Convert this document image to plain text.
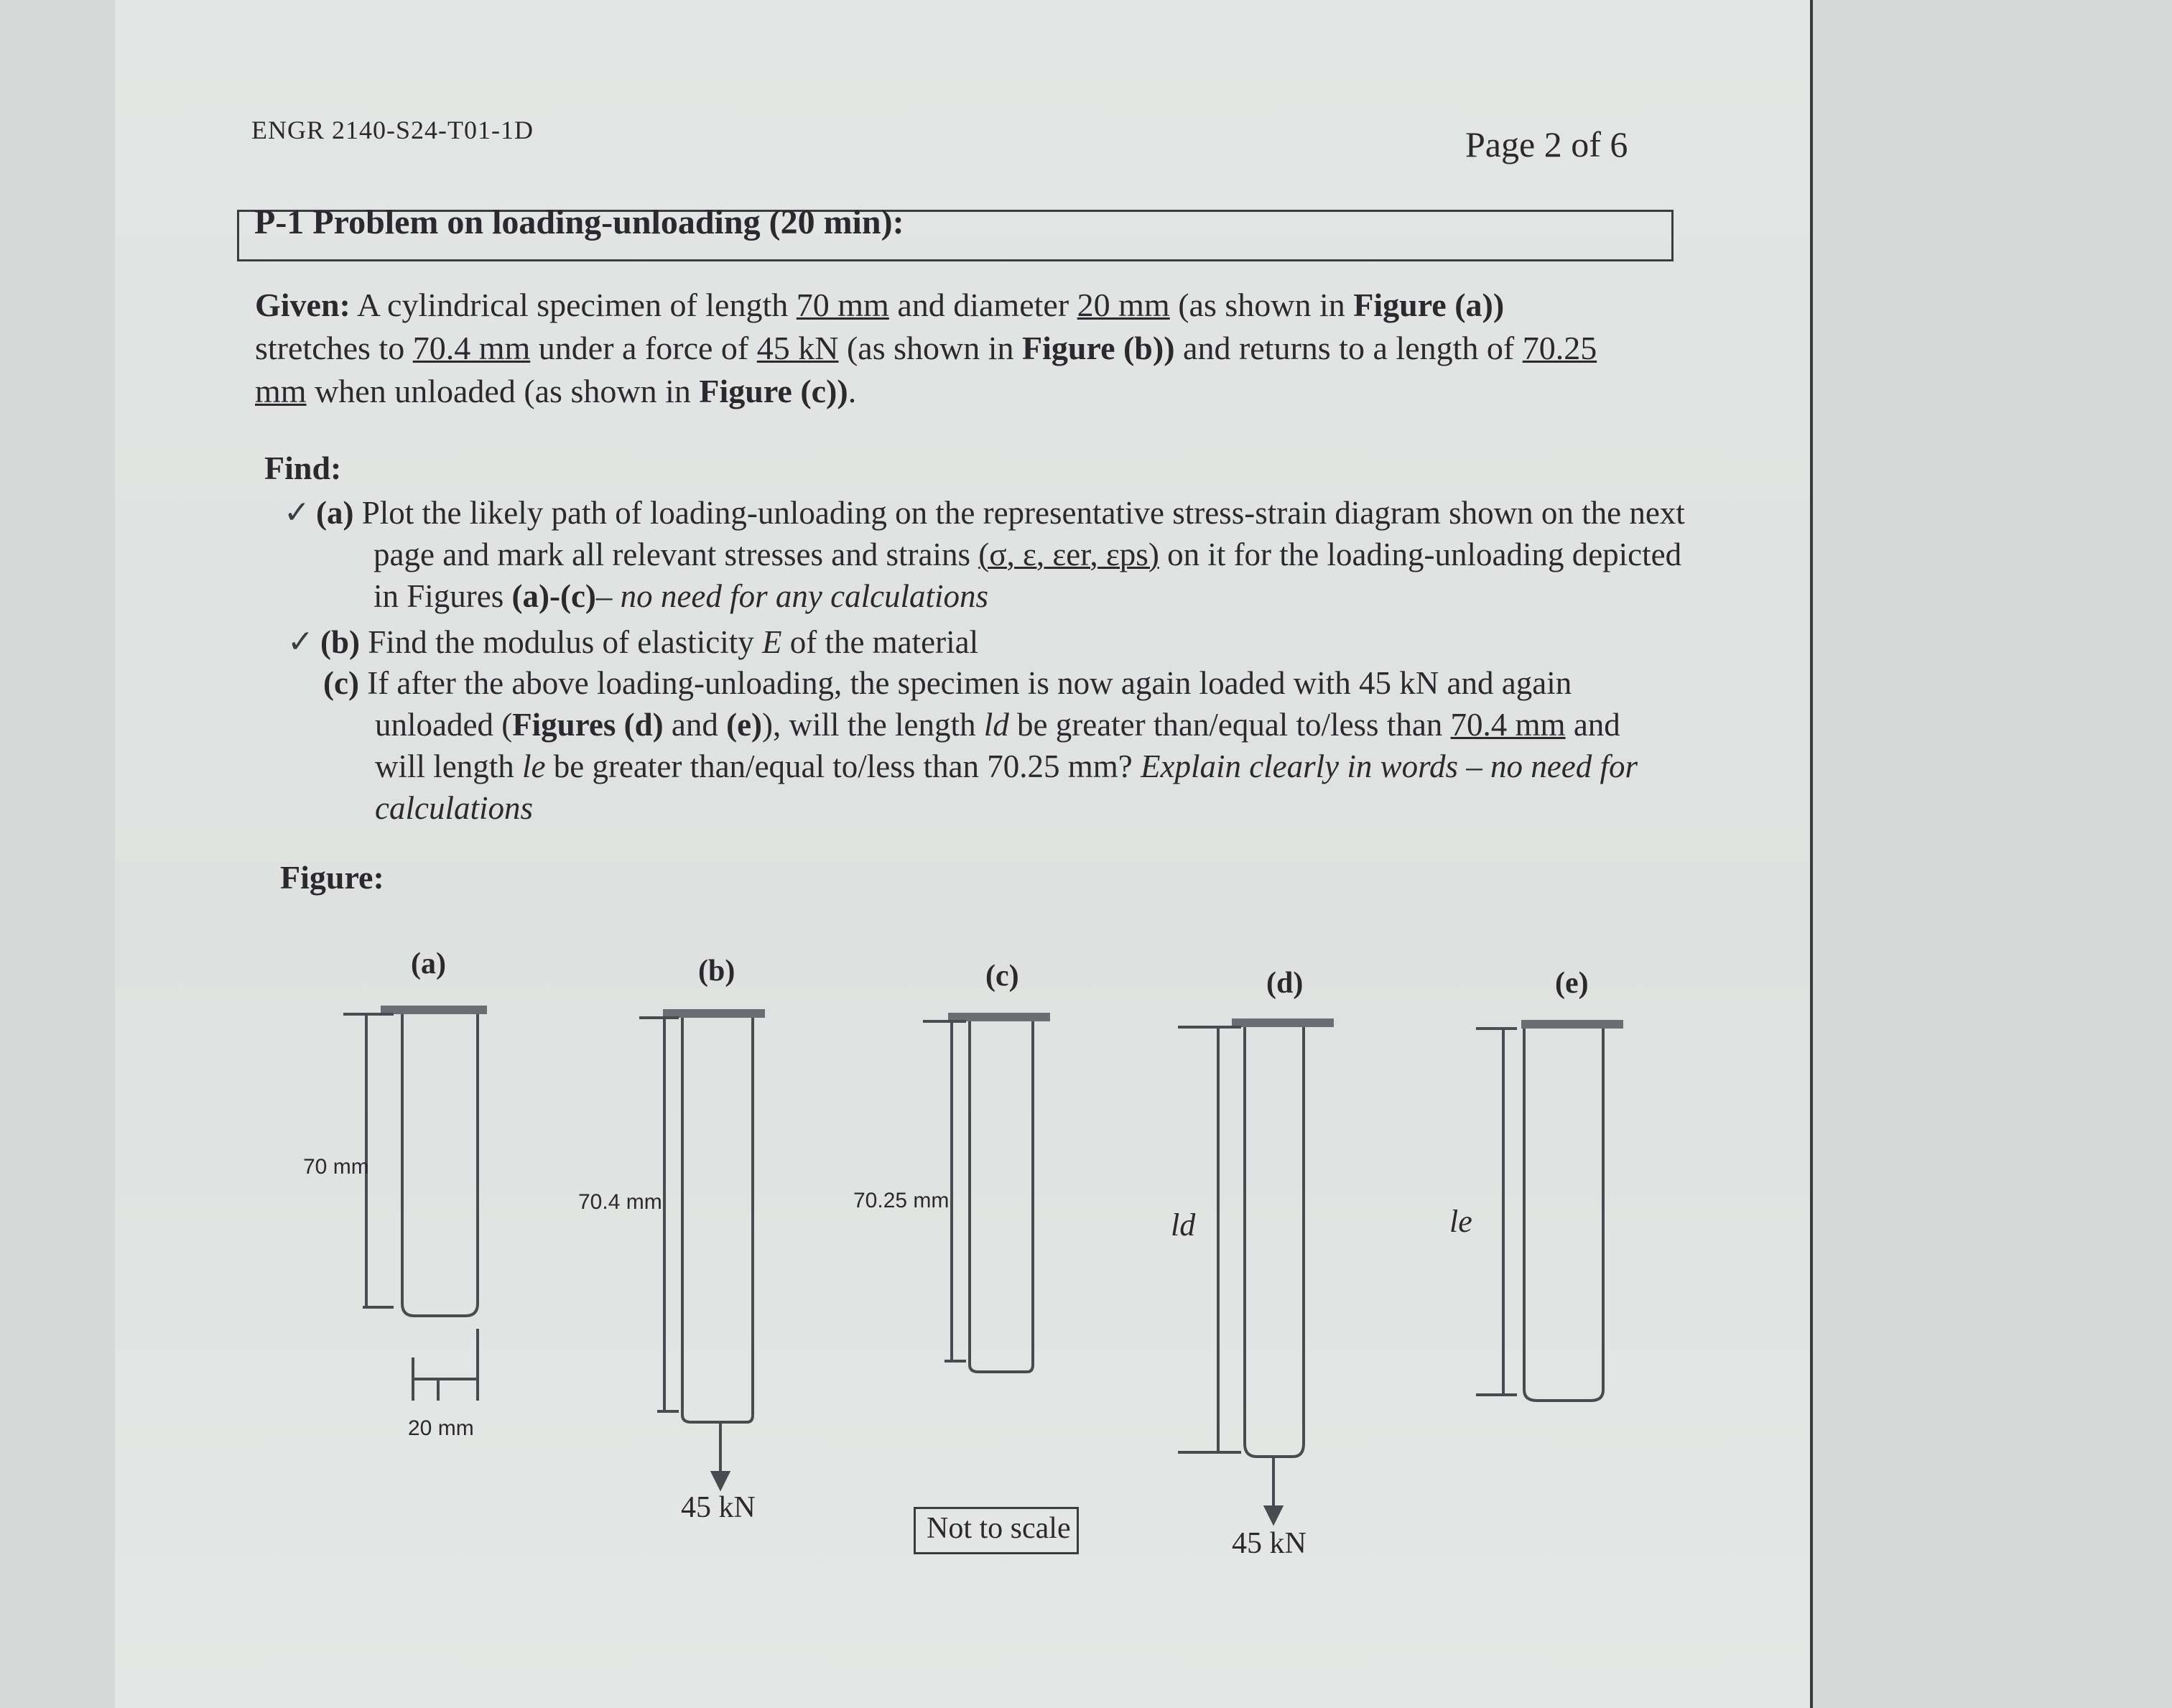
ENGR 2140-S24-T01-1D	Page 2 of 6
P-1 Problem on loading-unloading (20 min):
Given: A cylindrical specimen of length 70 mm and diameter 20 mm (as shown in Figure (a)) stretches to 70.4 mm under a force of 45 kN (as shown in Figure (b)) and returns to a length of 70.25 mm when unloaded (as shown in Figure (c)).
Find:
✓ (a) Plot the likely path of loading-unloading on the representative stress-strain diagram shown on the next page and mark all relevant stresses and strains (σ, ε, εer, εps) on it for the loading-unloading depicted in Figures (a)-(c)– no need for any calculations
✓ (b) Find the modulus of elasticity E of the material
(c) If after the above loading-unloading, the specimen is now again loaded with 45 kN and again unloaded (Figures (d) and (e)), will the length ld be greater than/equal to/less than 70.4 mm and will length le be greater than/equal to/less than 70.25 mm? Explain clearly in words – no need for calculations
Figure:
(a)	(b)	(c)	(d)	(e)
70 mm
20 mm
70.4 mm	70.25 mm
ld	le
45 kN
45 kN
Not to scale
